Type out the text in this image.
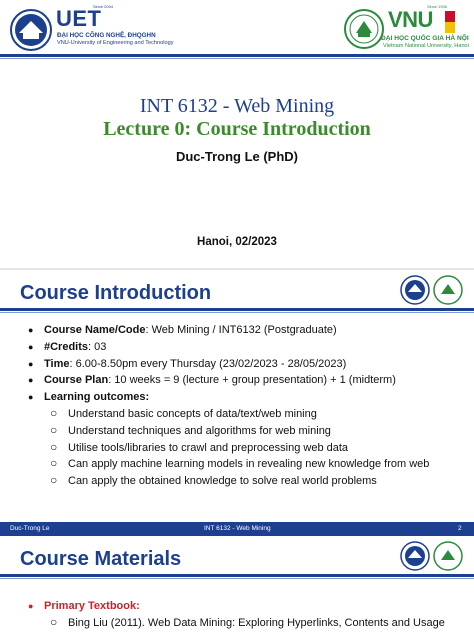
Since 2004
UET
ĐẠI HỌC CÔNG NGHỆ, ĐHQGHN
VNU-University of Engineering and Technology
Since 1906
VNU
ĐẠI HỌC QUỐC GIA HÀ NỘI
Vietnam National University, Hanoi
INT 6132 - Web Mining
Lecture 0: Course Introduction
Duc-Trong Le (PhD)
Hanoi, 02/2023
Course Introduction
● Course Name/Code: Web Mining / INT6132 (Postgraduate)
● #Credits: 03
● Time: 6.00-8.50pm every Thursday (23/02/2023 - 28/05/2023)
● Course Plan: 10 weeks = 9 (lecture + group presentation) + 1 (midterm)
● Learning outcomes:
○ Understand basic concepts of data/text/web mining
○ Understand techniques and algorithms for web mining
○ Utilise tools/libraries to crawl and preprocessing web data
○ Can apply machine learning models in revealing new knowledge from web
○ Can apply the obtained knowledge to solve real world problems
Duc-Trong Le	INT 6132 - Web Mining	2
Course Materials
● Primary Textbook:
○ Bing Liu (2011). Web Data Mining: Exploring Hyperlinks, Contents and Usage
